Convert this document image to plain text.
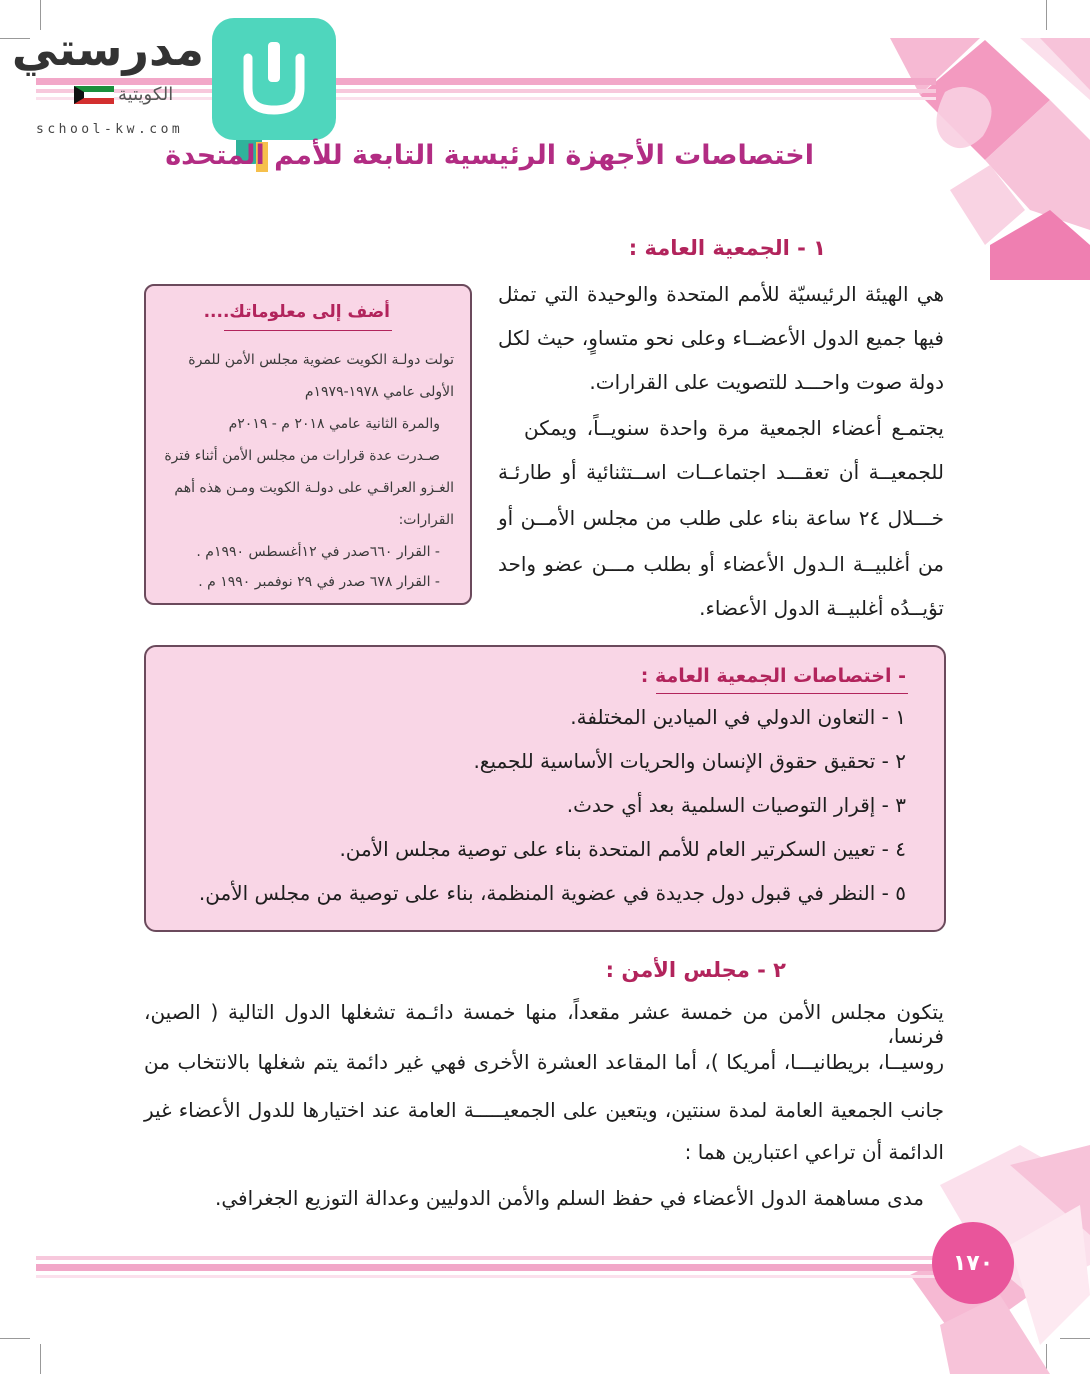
مدرستي
الكويتية
school-kw.com
اختصاصات الأجهزة الرئيسية التابعة للأمم المتحدة
١ - الجمعية العامة :
هي الهيئة الرئيسيّة للأمم المتحدة والوحيدة التي تمثل
فيها جميع الدول الأعضــاء وعلى نحو متساوٍ، حيث لكل
دولة صوت واحـــد للتصويت على القرارات.
يجتمـع أعضاء الجمعية مرة واحدة سنويــاً، ويمكن
للجمعيــة أن تعقـــد اجتماعــات اســتثنائية أو طارئـة
خـــلال ٢٤ ساعة بناء على طلب من مجلس الأمــن أو
من أغلبيــة الـدول الأعضاء أو بطلب مـــن عضو واحد
تؤيــدُه أغلبيــة الدول الأعضاء.
أضف إلى معلوماتك....
تولت دولـة الكويت عضوية مجلس الأمن للمرة
الأولى عامي ١٩٧٨-١٩٧٩م
والمرة الثانية عامي ٢٠١٨ م - ٢٠١٩م
صـدرت عدة قرارات من مجلس الأمن أثناء فترة
الغـزو العراقـي على دولـة الكويت ومـن هذه أهم
القرارات:
- القرار ٦٦٠صدر في ١٢أغسطس ١٩٩٠م .
- القرار ٦٧٨ صدر في ٢٩ نوفمبر ١٩٩٠ م .
- اختصاصات الجمعية العامة :
١ - التعاون الدولي في الميادين المختلفة.
٢ - تحقيق حقوق الإنسان والحريات الأساسية للجميع.
٣ - إقرار التوصيات السلمية بعد أي حدث.
٤ - تعيين السكرتير العام للأمم المتحدة بناء على توصية مجلس الأمن.
٥ - النظر في قبول دول جديدة في عضوية المنظمة، بناء على توصية من مجلس الأمن.
٢ - مجلس الأمن :
يتكون مجلس الأمن من خمسة عشر مقعداً، منها خمسة دائـمة تشغلها الدول التالية ( الصين، فرنسا،
روسيــا، بريطانيـــا، أمريكا )، أما المقاعد العشرة الأخرى فهي غير دائمة يتم شغلها بالانتخاب من
جانب الجمعية العامة لمدة سنتين، ويتعين على الجمعيـــــة العامة عند اختيارها للدول الأعضاء غير
الدائمة أن تراعي اعتبارين هما :
مدى مساهمة الدول الأعضاء في حفظ السلم والأمن الدوليين وعدالة التوزيع الجغرافي.
١٧٠
